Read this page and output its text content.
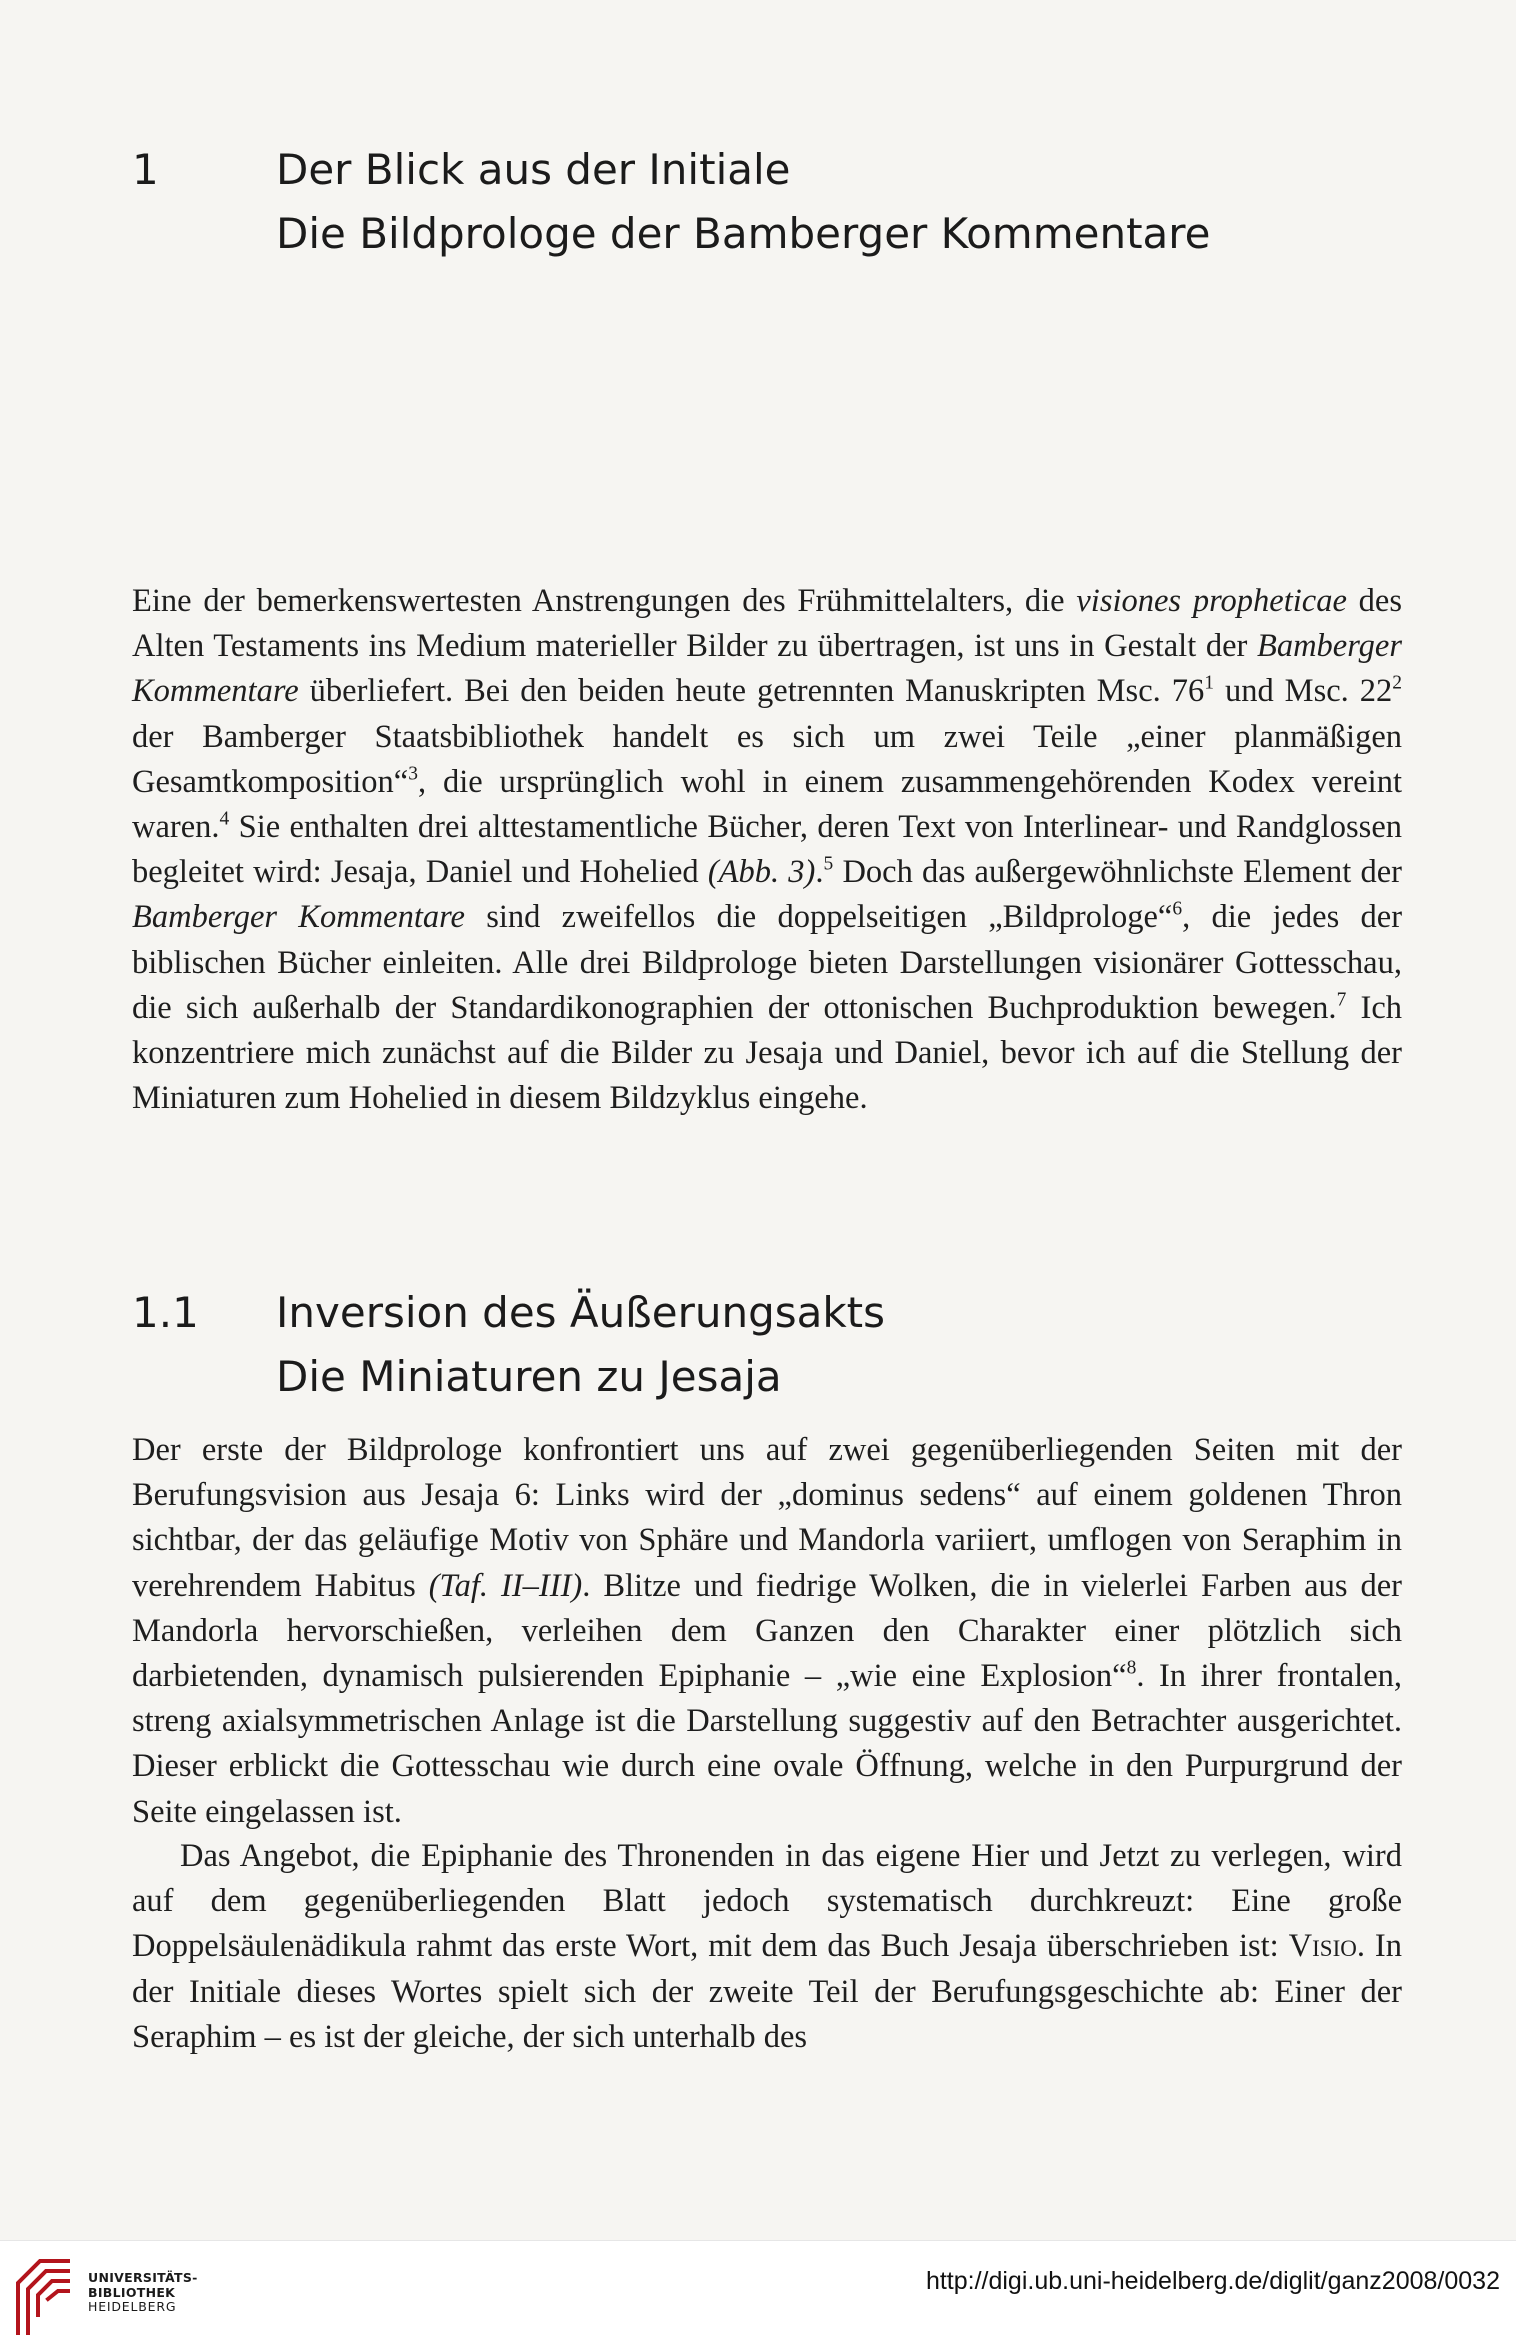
1	Der Blick aus der Initiale
Die Bildprologe der Bamberger Kommentare

Eine der bemerkenswertesten Anstrengungen des Frühmittelalters, die visiones propheticae des Alten Testaments ins Medium materieller Bilder zu übertragen, ist uns in Gestalt der Bamberger Kommentare überliefert. Bei den beiden heute getrennten Manuskripten Msc. $76^1$ und Msc. $22^2$ der Bamberger Staatsbibliothek handelt es sich um zwei Teile „einer planmäßigen Gesamtkomposition“$^3$, die ursprünglich wohl in einem zusammengehörenden Kodex vereint waren.$^4$ Sie enthalten drei alttestamentliche Bücher, deren Text von Interlinear- und Randglossen begleitet wird: Jesaja, Daniel und Hohelied (Abb. 3).$^5$ Doch das außergewöhnlichste Element der Bamberger Kommentare sind zweifellos die doppelseitigen „Bildprologe“$^6$, die jedes der biblischen Bücher einleiten. Alle drei Bildprologe bieten Darstellungen visionärer Gottesschau, die sich außerhalb der Standardikonographien der ottonischen Buchproduktion bewegen.$^7$ Ich konzentriere mich zunächst auf die Bilder zu Jesaja und Daniel, bevor ich auf die Stellung der Miniaturen zum Hohelied in diesem Bildzyklus eingehe.

1.1	Inversion des Äußerungsakts
Die Miniaturen zu Jesaja

Der erste der Bildprologe konfrontiert uns auf zwei gegenüberliegenden Seiten mit der Berufungsvision aus Jesaja 6: Links wird der „dominus sedens“ auf einem goldenen Thron sichtbar, der das geläufige Motiv von Sphäre und Mandorla variiert, umflogen von Seraphim in verehrendem Habitus (Taf. II–III). Blitze und fiedrige Wolken, die in vielerlei Farben aus der Mandorla hervorschießen, verleihen dem Ganzen den Charakter einer plötzlich sich darbietenden, dynamisch pulsierenden Epiphanie – „wie eine Explosion“$^8$. In ihrer frontalen, streng axialsymmetrischen Anlage ist die Darstellung suggestiv auf den Betrachter ausgerichtet. Dieser erblickt die Gottesschau wie durch eine ovale Öffnung, welche in den Purpurgrund der Seite eingelassen ist.

Das Angebot, die Epiphanie des Thronenden in das eigene Hier und Jetzt zu verlegen, wird auf dem gegenüberliegenden Blatt jedoch systematisch durchkreuzt: Eine große Doppelsäulenädikula rahmt das erste Wort, mit dem das Buch Jesaja überschrieben ist: Visio. In der Initiale dieses Wortes spielt sich der zweite Teil der Berufungsgeschichte ab: Einer der Seraphim – es ist der gleiche, der sich unterhalb des

UNIVERSITÄTS-
BIBLIOTHEK
HEIDELBERG
http://digi.ub.uni-heidelberg.de/diglit/ganz2008/0032
